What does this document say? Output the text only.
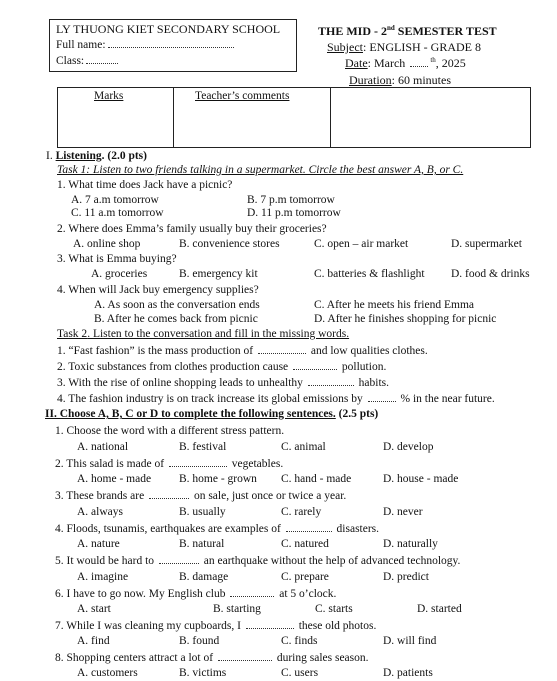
LY THUONG KIET SECONDARY SCHOOL
Full name:
Class:
THE MID - 2nd SEMESTER TEST
Subject: ENGLISH - GRADE 8
Date: March	$^{th}$, 2025
Duration: 60 minutes
Marks	Teacher’s comments
I. Listening. (2.0 pts)
Task 1: Listen to two friends talking in a supermarket. Circle the best answer A, B, or C.
1. What time does Jack have a picnic?
A. 7 a.m tomorrow	B. 7 p.m tomorrow
C. 11 a.m tomorrow	D. 11 p.m tomorrow
2. Where does Emma’s family usually buy their groceries?
A. online shop	B. convenience stores	C. open – air market	D. supermarket
3. What is Emma buying?
A. groceries	B. emergency kit	C. batteries & flashlight D. food & drinks
4. When will Jack buy emergency supplies?
A. As soon as the conversation ends	C. After he meets his friend Emma
B. After he comes back from picnic	D. After he finishes shopping for picnic
Task 2. Listen to the conversation and fill in the missing words.
1. “Fast fashion” is the mass production of	and low qualities clothes.
2. Toxic substances from clothes production cause	pollution.
3. With the rise of online shopping leads to unhealthy	habits.
4. The fashion industry is on track increase its global emissions by	% in the near future.
II. Choose A, B, C or D to complete the following sentences. (2.5 pts)
1. Choose the word with a different stress pattern.
A. national	B. festival	C. animal	D. develop
2. This salad is made of	vegetables.
A. home - made B. home - grown C. hand - made	D. house - made
3. These brands are	on sale, just once or twice a year.
A. always	B. usually	C. rarely	D. never
4. Floods, tsunamis, earthquakes are examples of	disasters.
A. nature	B. natural	C. natured	D. naturally
5. It would be hard to	an earthquake without the help of advanced technology.
A. imagine	B. damage	C. prepare	D. predict
6. I have to go now. My English club	at 5 o’clock.
A. start	B. starting	C. starts	D. started
7. While I was cleaning my cupboards, I	these old photos.
A. find	B. found	C. finds	D. will find
8. Shopping centers attract a lot of	during sales season.
A. customers	B. victims	C. users	D. patients
